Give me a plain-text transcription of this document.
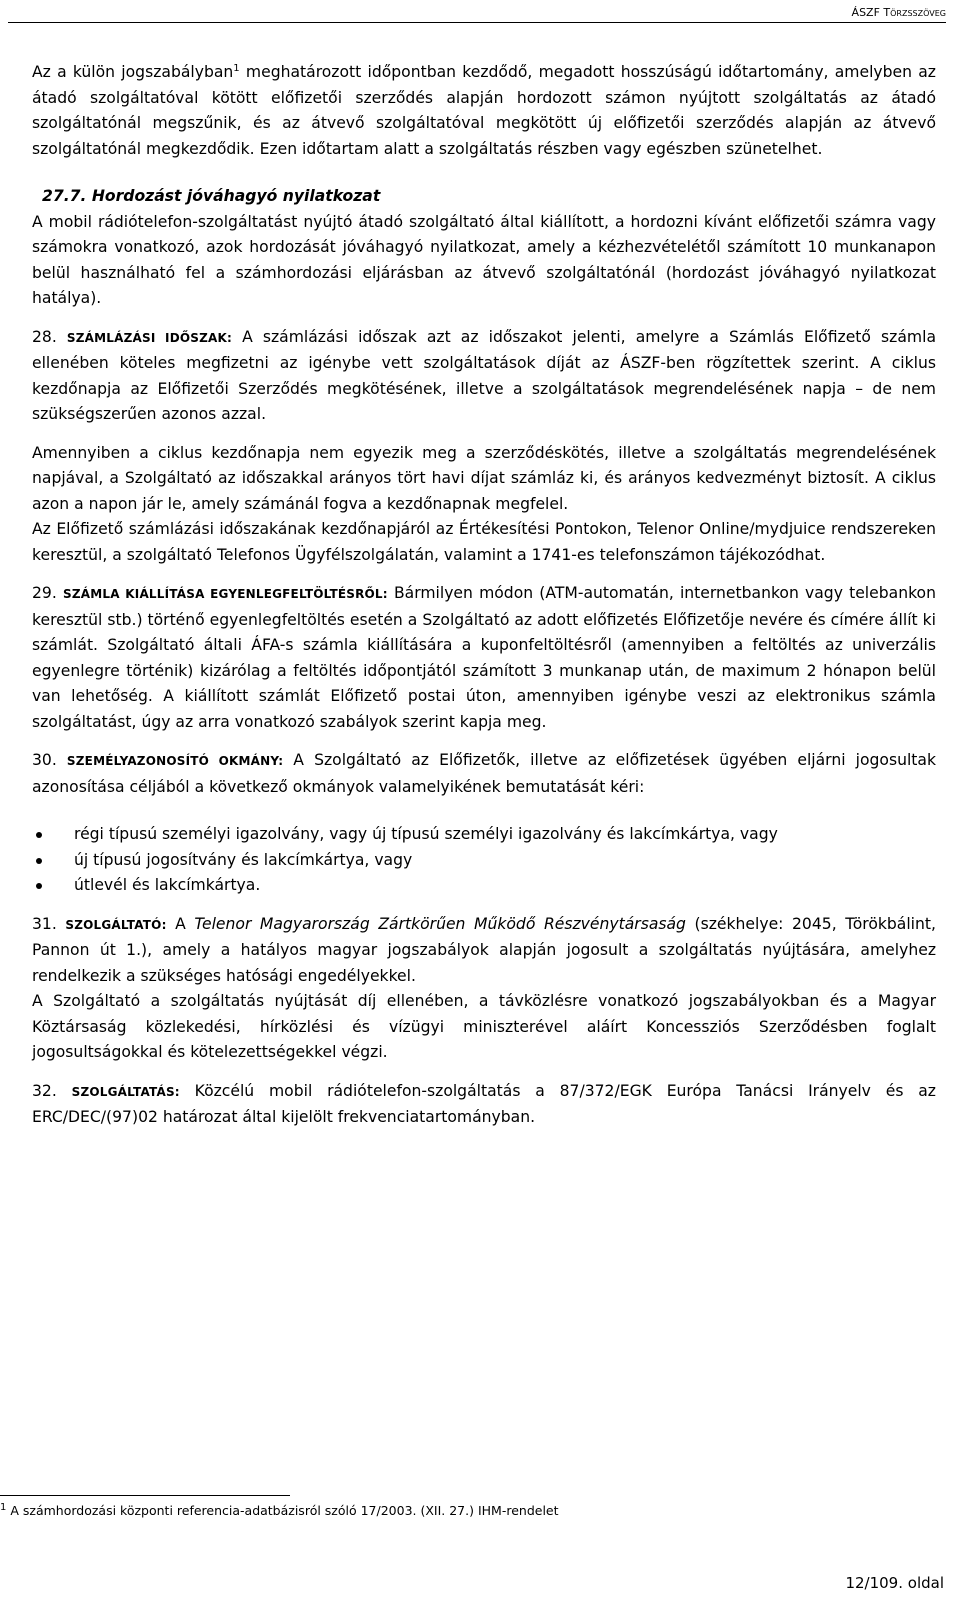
ÁSZF Törzsszöveg

Az a külön jogszabályban$^1$ meghatározott időpontban kezdődő, megadott hosszúságú időtartomány, amelyben az átadó szolgáltatóval kötött előfizetői szerződés alapján hordozott számon nyújtott szolgáltatás az átadó szolgáltatónál megszűnik, és az átvevő szolgáltatóval megkötött új előfizetői szerződés alapján az átvevő szolgáltatónál megkezdődik. Ezen időtartam alatt a szolgáltatás részben vagy egészben szünetelhet.

27.7. Hordozást jóváhagyó nyilatkozat
A mobil rádiótelefon-szolgáltatást nyújtó átadó szolgáltató által kiállított, a hordozni kívánt előfizetői számra vagy számokra vonatkozó, azok hordozását jóváhagyó nyilatkozat, amely a kézhezvételétől számított 10 munkanapon belül használható fel a számhordozási eljárásban az átvevő szolgáltatónál (hordozást jóváhagyó nyilatkozat hatálya).

28. SZÁMLÁZÁSI IDŐSZAK: A számlázási időszak azt az időszakot jelenti, amelyre a Számlás Előfizető számla ellenében köteles megfizetni az igénybe vett szolgáltatások díját az ÁSZF-ben rögzítettek szerint. A ciklus kezdőnapja az Előfizetői Szerződés megkötésének, illetve a szolgáltatások megrendelésének napja – de nem szükségszerűen azonos azzal.

Amennyiben a ciklus kezdőnapja nem egyezik meg a szerződéskötés, illetve a szolgáltatás megrendelésének napjával, a Szolgáltató az időszakkal arányos tört havi díjat számláz ki, és arányos kedvezményt biztosít. A ciklus azon a napon jár le, amely számánál fogva a kezdőnapnak megfelel.

Az Előfizető számlázási időszakának kezdőnapjáról az Értékesítési Pontokon, Telenor Online/mydjuice rendszereken keresztül, a szolgáltató Telefonos Ügyfélszolgálatán, valamint a 1741-es telefonszámon tájékozódhat.

29. SZÁMLA KIÁLLÍTÁSA EGYENLEGFELTÖLTÉSRŐL: Bármilyen módon (ATM-automatán, internetbankon vagy telebankon keresztül stb.) történő egyenlegfeltöltés esetén a Szolgáltató az adott előfizetés Előfizetője nevére és címére állít ki számlát. Szolgáltató általi ÁFA-s számla kiállítására a kuponfeltöltésről (amennyiben a feltöltés az univerzális egyenlegre történik) kizárólag a feltöltés időpontjától számított 3 munkanap után, de maximum 2 hónapon belül van lehetőség. A kiállított számlát Előfizető postai úton, amennyiben igénybe veszi az elektronikus számla szolgáltatást, úgy az arra vonatkozó szabályok szerint kapja meg.

30. SZEMÉLYAZONOSÍTÓ OKMÁNY: A Szolgáltató az Előfizetők, illetve az előfizetések ügyében eljárni jogosultak azonosítása céljából a következő okmányok valamelyikének bemutatását kéri:

régi típusú személyi igazolvány, vagy új típusú személyi igazolvány és lakcímkártya, vagy
új típusú jogosítvány és lakcímkártya, vagy
útlevél és lakcímkártya.

31. SZOLGÁLTATÓ: A Telenor Magyarország Zártkörűen Működő Részvénytársaság (székhelye: 2045, Törökbálint, Pannon út 1.), amely a hatályos magyar jogszabályok alapján jogosult a szolgáltatás nyújtására, amelyhez rendelkezik a szükséges hatósági engedélyekkel.

A Szolgáltató a szolgáltatás nyújtását díj ellenében, a távközlésre vonatkozó jogszabályokban és a Magyar Köztársaság közlekedési, hírközlési és vízügyi miniszterével aláírt Koncessziós Szerződésben foglalt jogosultságokkal és kötelezettségekkel végzi.

32. SZOLGÁLTATÁS: Közcélú mobil rádiótelefon-szolgáltatás a 87/372/EGK Európa Tanácsi Irányelv és az ERC/DEC/(97)02 határozat által kijelölt frekvenciatartományban.

$^1$ A számhordozási központi referencia-adatbázisról szóló 17/2003. (XII. 27.) IHM-rendelet
12/109. oldal
